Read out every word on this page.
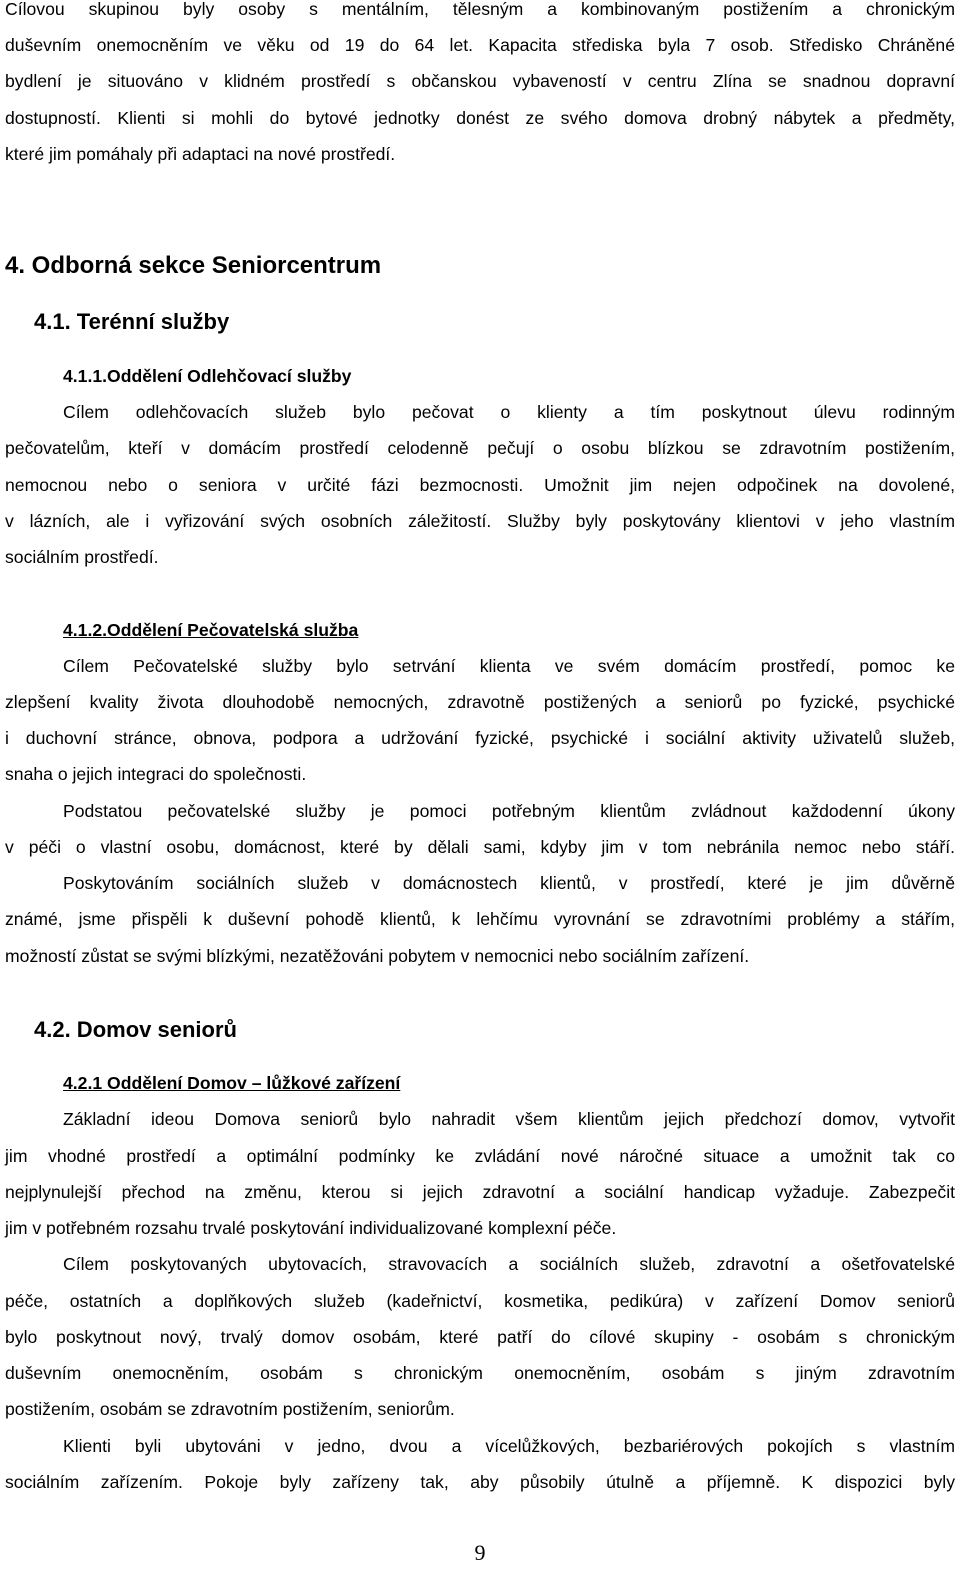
Cílovou skupinou byly osoby s mentálním, tělesným a kombinovaným postižením a chronickým
duševním onemocněním ve věku od 19 do 64 let. Kapacita střediska byla 7 osob. Středisko Chráněné
bydlení je situováno v klidném prostředí s občanskou vybaveností v centru Zlína se snadnou dopravní
dostupností. Klienti si mohli do bytové jednotky donést ze svého domova drobný nábytek a předměty,
které jim pomáhaly při adaptaci na nové prostředí.
4. Odborná sekce Seniorcentrum
4.1. Terénní služby
4.1.1.Oddělení Odlehčovací služby
Cílem odlehčovacích služeb bylo pečovat o klienty a tím poskytnout úlevu rodinným
pečovatelům, kteří v domácím prostředí celodenně pečují o osobu blízkou se zdravotním postižením,
nemocnou nebo o seniora v určité fázi bezmocnosti. Umožnit jim nejen odpočinek na dovolené,
v lázních, ale i vyřizování svých osobních záležitostí. Služby byly poskytovány klientovi v jeho vlastním
sociálním prostředí.
4.1.2.Oddělení Pečovatelská služba
Cílem Pečovatelské služby bylo setrvání klienta ve svém domácím prostředí, pomoc ke
zlepšení kvality života dlouhodobě nemocných, zdravotně postižených a seniorů po fyzické, psychické
i duchovní stránce, obnova, podpora a udržování fyzické, psychické i sociální aktivity uživatelů služeb,
snaha o jejich integraci do společnosti.
Podstatou pečovatelské služby je pomoci potřebným klientům zvládnout každodenní úkony
v péči o vlastní osobu, domácnost, které by dělali sami, kdyby jim v tom nebránila nemoc nebo stáří.
Poskytováním sociálních služeb v domácnostech klientů, v prostředí, které je jim důvěrně
známé, jsme přispěli k duševní pohodě klientů, k lehčímu vyrovnání se zdravotními problémy a stářím,
možností zůstat se svými blízkými, nezatěžováni pobytem v nemocnici nebo sociálním zařízení.
4.2. Domov seniorů
4.2.1 Oddělení Domov – lůžkové zařízení
Základní ideou Domova seniorů bylo nahradit všem klientům jejich předchozí domov, vytvořit
jim vhodné prostředí a optimální podmínky ke zvládání nové náročné situace a umožnit tak co
nejplynulejší přechod na změnu, kterou si jejich zdravotní a sociální handicap vyžaduje. Zabezpečit
jim v potřebném rozsahu trvalé poskytování individualizované komplexní péče.
Cílem poskytovaných ubytovacích, stravovacích a sociálních služeb, zdravotní a ošetřovatelské
péče, ostatních a doplňkových služeb (kadeřnictví, kosmetika, pedikúra) v zařízení Domov seniorů
bylo poskytnout nový, trvalý domov osobám, které patří do cílové skupiny - osobám s chronickým
duševním onemocněním, osobám s chronickým onemocněním, osobám s jiným zdravotním
postižením, osobám se zdravotním postižením, seniorům.
Klienti byli ubytováni v jedno, dvou a vícelůžkových, bezbariérových pokojích s vlastním
sociálním zařízením. Pokoje byly zařízeny tak, aby působily útulně a příjemně. K dispozici byly
9
